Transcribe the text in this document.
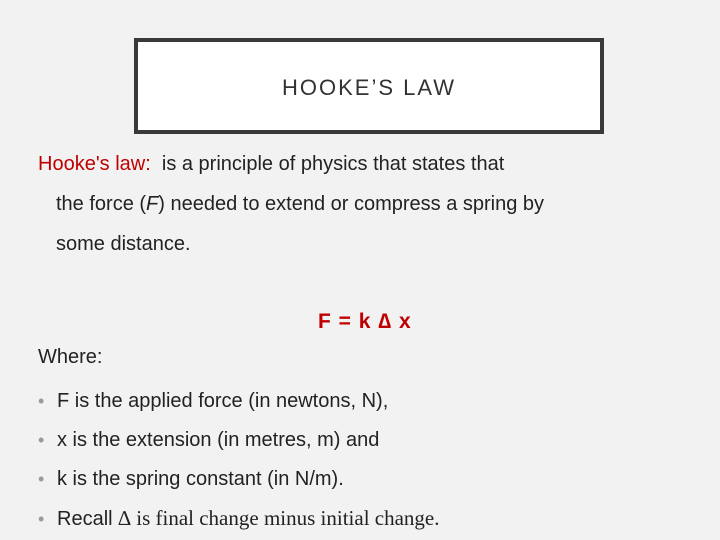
HOOKE’S LAW
Hooke's law:  is a principle of physics that states that
the force (F) needed to extend or compress a spring by
some distance.
F = k ∆ x
Where:
• F is the applied force (in newtons, N),
• x is the extension (in metres, m) and
• k is the spring constant (in N/m).
• Recall ∆ is final change minus initial change.
